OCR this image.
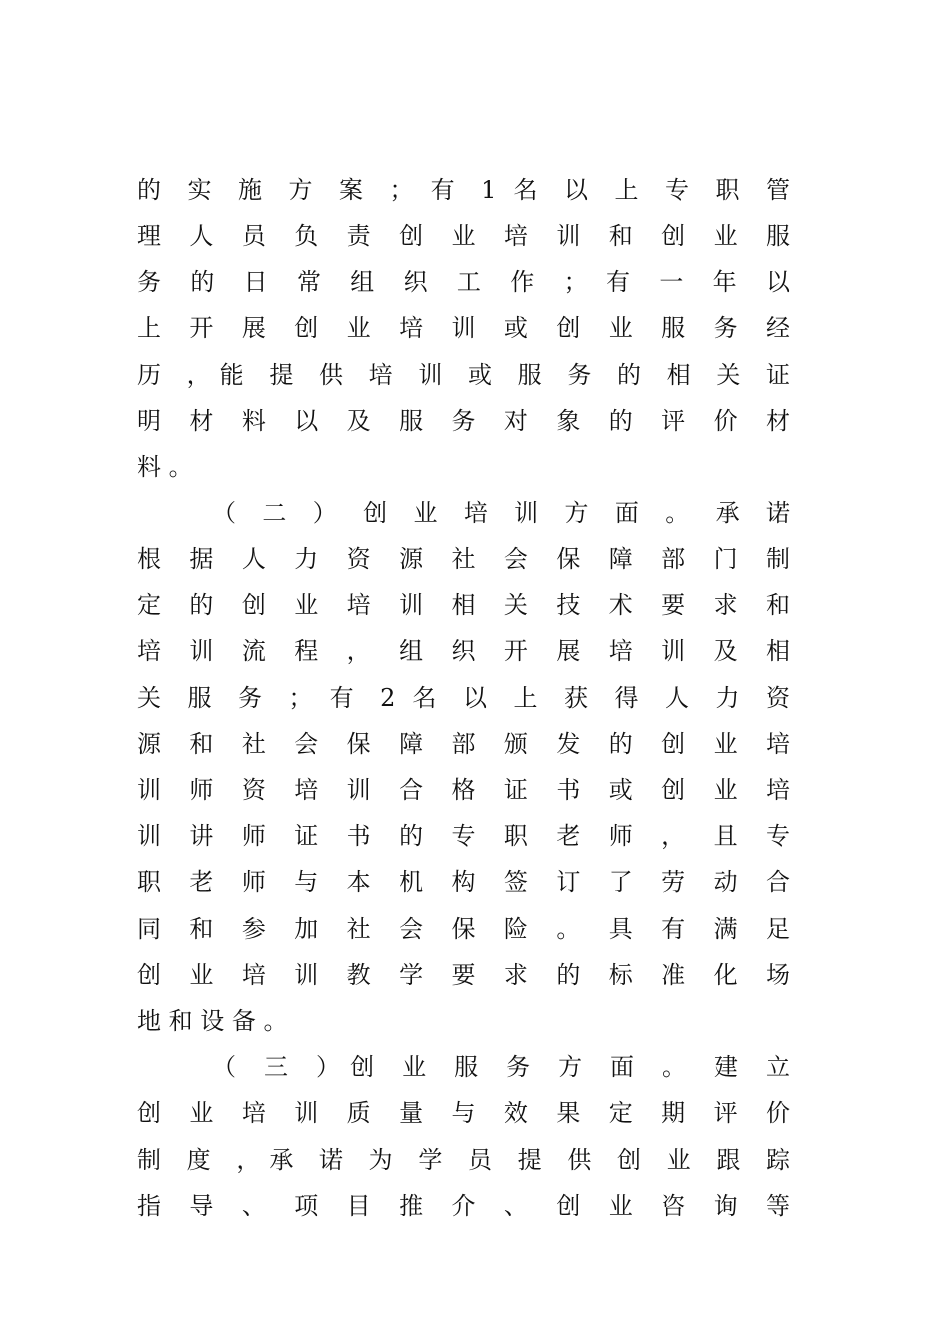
的 实 施 方 案 ； 有 1 名 以 上 专 职 管
理 人 员 负 责 创 业 培 训 和 创 业 服
务 的 日 常 组 织 工 作 ； 有 一 年 以
上 开 展 创 业 培 训 或 创 业 服 务 经
历 ，能 提 供 培 训 或 服 务 的 相 关 证
明 材 料 以 及 服 务 对 象 的 评 价 材
料 。
（ 二 ） 创 业 培 训 方 面 。 承 诺
根 据 人 力 资 源 社 会 保 障 部 门 制
定 的 创 业 培 训 相 关 技 术 要 求 和
培 训 流 程 ， 组 织 开 展 培 训 及 相
关 服 务 ； 有 2 名 以 上 获 得 人 力 资
源 和 社 会 保 障 部 颁 发 的 创 业 培
训 师 资 培 训 合 格 证 书 或 创 业 培
训 讲 师 证 书 的 专 职 老 师 ， 且 专
职 老 师 与 本 机 构 签 订 了 劳 动 合
同 和 参 加 社 会 保 险 。 具 有 满 足
创 业 培 训 教 学 要 求 的 标 准 化 场
地 和 设 备 。
（ 三 ）创 业 服 务 方 面 。 建 立
创 业 培 训 质 量 与 效 果 定 期 评 价
制 度 ，承 诺 为 学 员 提 供 创 业 跟 踪
指 导 、 项 目 推 介 、 创 业 咨 询 等
